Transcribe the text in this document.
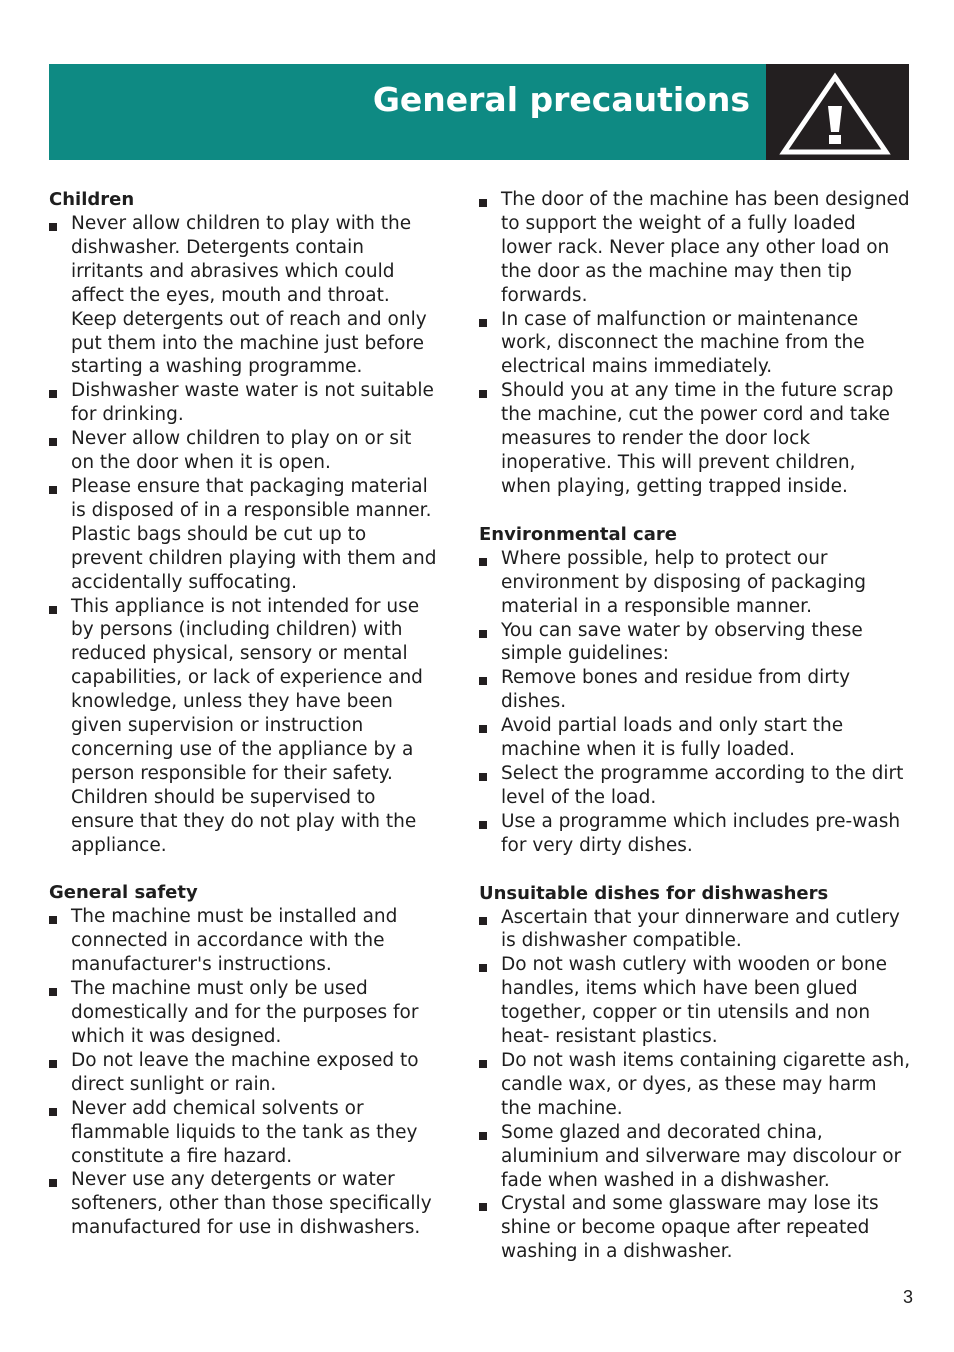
General precautions
Children
Never allow children to play with the dishwasher. Detergents contain irritants and abrasives which could affect the eyes, mouth and throat. Keep detergents out of reach and only put them into the machine just before starting a washing programme.
Dishwasher waste water is not suitable for drinking.
Never allow children to play on or sit on the door when it is open.
Please ensure that packaging material is disposed of in a responsible manner. Plastic bags should be cut up to prevent children playing with them and accidentally suffocating.
This appliance is not intended for use by persons (including children) with reduced physical, sensory or mental capabilities, or lack of experience and knowledge, unless they have been given supervision or instruction concerning use of the appliance by a person responsible for their safety. Children should be supervised to ensure that they do not play with the appliance.
General safety
The machine must be installed and connected in accordance with the manufacturer's instructions.
The machine must only be used domestically and for the purposes for which it was designed.
Do not leave the machine exposed to direct sunlight or rain.
Never add chemical solvents or flammable liquids to the tank as they constitute a fire hazard.
Never use any detergents or water softeners, other than those specifically manufactured for use in dishwashers.
The door of the machine has been designed to support the weight of a fully loaded lower rack. Never place any other load on the door as the machine may then tip forwards.
In case of malfunction or maintenance work, disconnect the machine from the electrical mains immediately.
Should you at any time in the future scrap the machine, cut the power cord and take measures to render the door lock inoperative. This will prevent children, when playing, getting trapped inside.
Environmental care
Where possible, help to protect our environment by disposing of packaging material in a responsible manner.
You can save water by observing these simple guidelines:
Remove bones and residue from dirty dishes.
Avoid partial loads and only start the machine when it is fully loaded.
Select the programme according to the dirt level of the load.
Use a programme which includes pre-wash for very dirty dishes.
Unsuitable dishes for dishwashers
Ascertain that your dinnerware and cutlery is dishwasher compatible.
Do not wash cutlery with wooden or bone handles, items which have been glued together, copper or tin utensils and non heat- resistant plastics.
Do not wash items containing cigarette ash, candle wax, or dyes, as these may harm the machine.
Some glazed and decorated china, aluminium and silverware may discolour or fade when washed in a dishwasher.
Crystal and some glassware may lose its shine or become opaque after repeated washing in a dishwasher.
3
